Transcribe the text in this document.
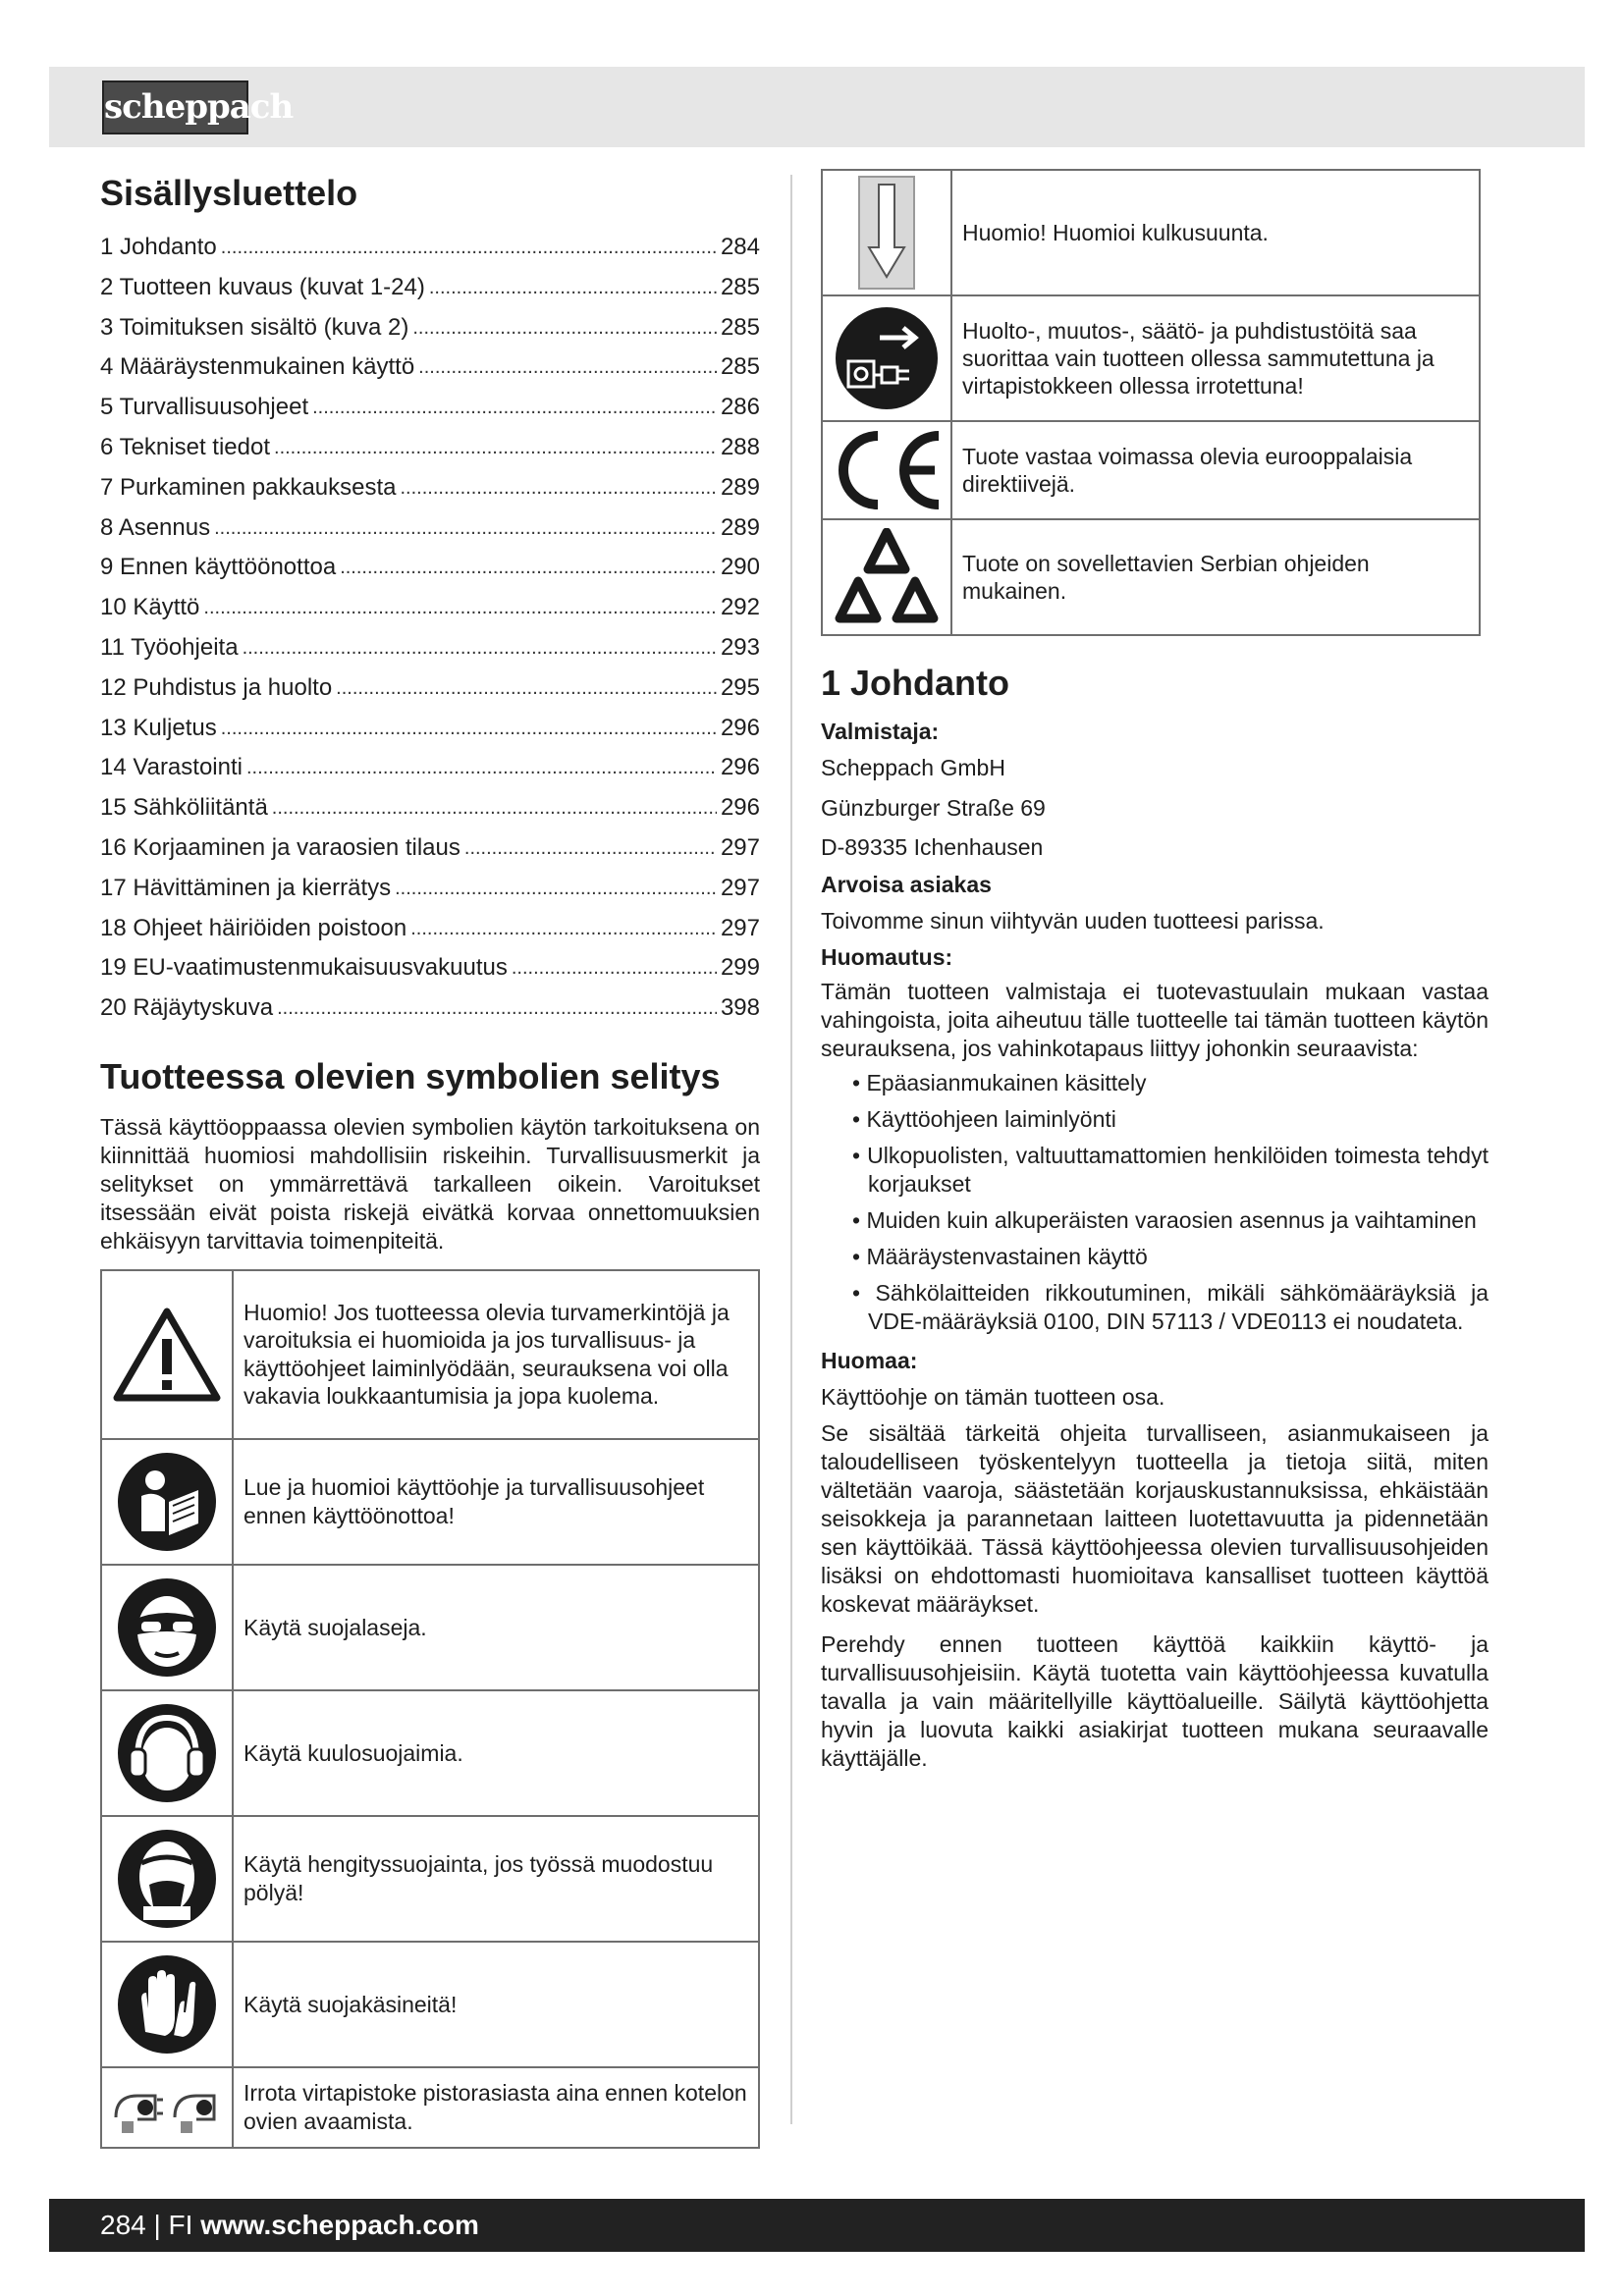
scheppach
Sisällysluettelo
1 Johdanto .....	284
2 Tuotteen kuvaus (kuvat 1-24) .....	285
3 Toimituksen sisältö (kuva 2) .....	285
4 Määräystenmukainen käyttö .....	285
5 Turvallisuusohjeet .....	286
6 Tekniset tiedot .....	288
7 Purkaminen pakkauksesta .....	289
8 Asennus .....	289
9 Ennen käyttöönottoa .....	290
10 Käyttö .....	292
11 Työohjeita .....	293
12 Puhdistus ja huolto .....	295
13 Kuljetus .....	296
14 Varastointi .....	296
15 Sähköliitäntä .....	296
16 Korjaaminen ja varaosien tilaus .....	297
17 Hävittäminen ja kierrätys .....	297
18 Ohjeet häiriöiden poistoon .....	297
19 EU-vaatimustenmukaisuusvakuutus .....	299
20 Räjäytyskuva .....	398
Tuotteessa olevien symbolien selitys

Tässä käyttöoppaassa olevien symbolien käytön tarkoituksena on kiinnittää huomiosi mahdollisiin riskeihin. Turvallisuusmerkit ja selitykset on ymmärrettävä tarkalleen oikein. Varoitukset itsessään eivät poista riskejä eivätkä korvaa onnettomuuksien ehkäisyyn tarvittavia toimenpiteitä.

	Huomio! Jos tuotteessa olevia turvamerkintöjä ja varoituksia ei huomioida ja jos turvallisuus- ja käyttöohjeet laiminlyödään, seurauksena voi olla vakavia loukkaantumisia ja jopa kuolema.

	Lue ja huomioi käyttöohje ja turvallisuusohjeet ennen käyttöönottoa!

	Käytä suojalaseja.

	Käytä kuulosuojaimia.

	Käytä hengityssuojainta, jos työssä muodostuu pölyä!

	Käytä suojakäsineitä!

	Irrota virtapistoke pistorasiasta aina ennen kotelon ovien avaamista.
	Huomio! Huomioi kulkusuunta.

	Huolto-, muutos-, säätö- ja puhdistustöitä saa suorittaa vain tuotteen ollessa sammutettuna ja virtapistokkeen ollessa irrotettuna!

	Tuote vastaa voimassa olevia eurooppalaisia direktiivejä.

	Tuote on sovellettavien Serbian ohjeiden mukainen.
1 Johdanto

Valmistaja:

Scheppach GmbH

Günzburger Straße 69

D-89335 Ichenhausen

Arvoisa asiakas

Toivomme sinun viihtyvän uuden tuotteesi parissa.

Huomautus:

Tämän tuotteen valmistaja ei tuotevastuulain mukaan vastaa vahingoista, joita aiheutuu tälle tuotteelle tai tämän tuotteen käytön seurauksena, jos vahinkotapaus liittyy johonkin seuraavista:

• Epäasianmukainen käsittely
• Käyttöohjeen laiminlyönti
• Ulkopuolisten, valtuuttamattomien henkilöiden toimesta tehdyt korjaukset
• Muiden kuin alkuperäisten varaosien asennus ja vaihtaminen
• Määräystenvastainen käyttö
• Sähkölaitteiden rikkoutuminen, mikäli sähkömääräyksiä ja VDE-määräyksiä 0100, DIN 57113 / VDE0113 ei noudateta.

Huomaa:

Käyttöohje on tämän tuotteen osa.

Se sisältää tärkeitä ohjeita turvalliseen, asianmukaiseen ja taloudelliseen työskentelyyn tuotteella ja tietoja siitä, miten vältetään vaaroja, säästetään korjauskustannuksissa, ehkäistään seisokkeja ja parannetaan laitteen luotettavuutta ja pidennetään sen käyttöikää. Tässä käyttöohjeessa olevien turvallisuusohjeiden lisäksi on ehdottomasti huomioitava kansalliset tuotteen käyttöä koskevat määräykset.

Perehdy ennen tuotteen käyttöä kaikkiin käyttö- ja turvallisuusohjeisiin. Käytä tuotetta vain käyttöohjeessa kuvatulla tavalla ja vain määritellyille käyttöalueille. Säilytä käyttöohjetta hyvin ja luovuta kaikki asiakirjat tuotteen mukana seuraavalle käyttäjälle.

284 | FI www.scheppach.com
